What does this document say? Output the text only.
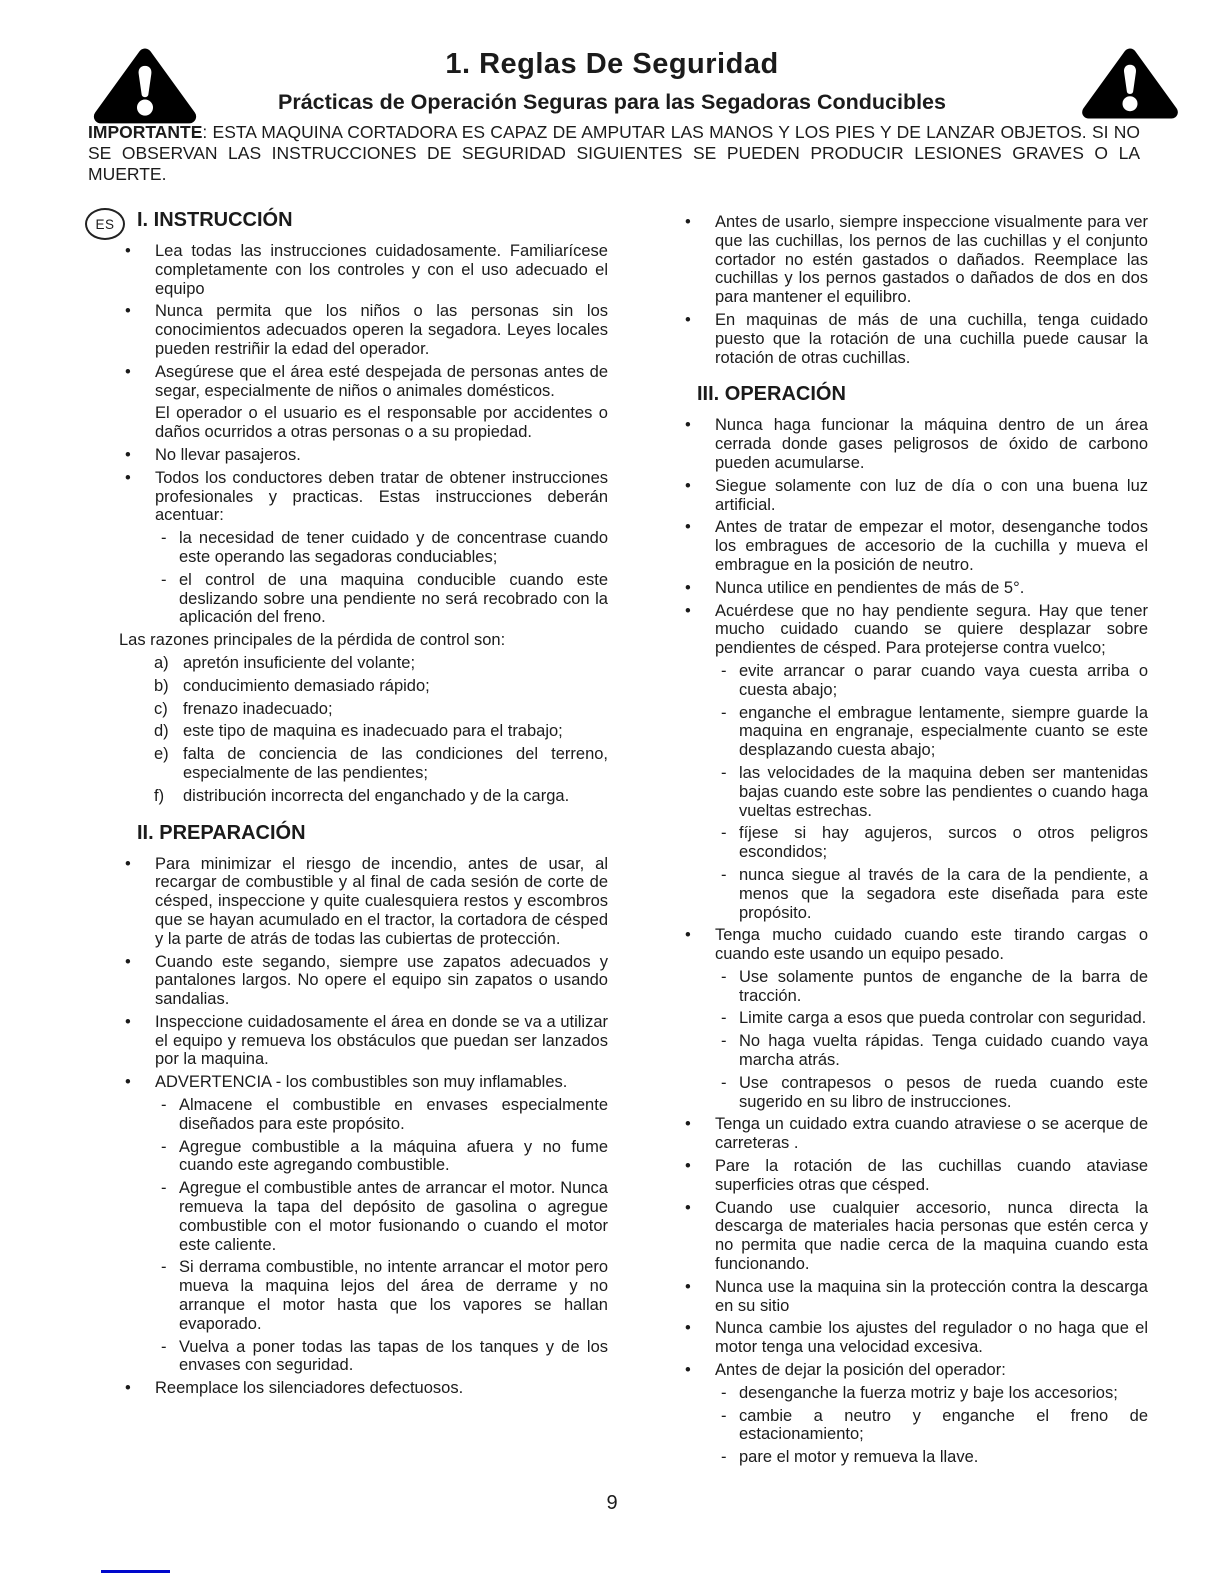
1. Reglas De Seguridad
Prácticas de Operación Seguras para las Segadoras Conducibles
IMPORTANTE: ESTA MAQUINA CORTADORA ES CAPAZ DE AMPUTAR LAS MANOS Y LOS PIES Y DE LANZAR OBJETOS. SI NO SE OBSERVAN LAS INSTRUCCIONES DE SEGURIDAD SIGUIENTES SE PUEDEN PRODUCIR LESIONES GRAVES O LA MUERTE.
ES	I. INSTRUCCIÓN
• Lea todas las instrucciones cuidadosamente. Familiarícese completamente con los controles y con el uso adecuado el equipo
• Nunca permita que los niños o las personas sin los conocimientos adecuados operen la segadora. Leyes locales pueden restriñir la edad del operador.
• Asegúrese que el área esté despejada de personas antes de segar, especialmente de niños o animales domésticos.
El operador o el usuario es el responsable por accidentes o daños ocurridos a otras personas o a su propiedad.
• No llevar pasajeros.
• Todos los conductores deben tratar de obtener instrucciones profesionales y practicas. Estas instrucciones deberán acentuar:
- la necesidad de tener cuidado y de concentrase cuando este operando las segadoras conduciables;
- el control de una maquina conducible cuando este deslizando sobre una pendiente no será recobrado con la aplicación del freno.
Las razones principales de la pérdida de control son:
a) apretón insuficiente del volante;
b) conducimiento demasiado rápido;
c) frenazo inadecuado;
d) este tipo de maquina es inadecuado para el trabajo;
e) falta de conciencia de las condiciones del terreno, especialmente de las pendientes;
f) distribución incorrecta del enganchado y de la carga.
II. PREPARACIÓN
• Para minimizar el riesgo de incendio, antes de usar, al recargar de combustible y al final de cada sesión de corte de césped, inspeccione y quite cualesquiera restos y escombros que se hayan acumulado en el tractor, la cortadora de césped y la parte de atrás de todas las cubiertas de protección.
• Cuando este segando, siempre use zapatos adecuados y pantalones largos. No opere el equipo sin zapatos o usando sandalias.
• Inspeccione cuidadosamente el área en donde se va a utilizar el equipo y remueva los obstáculos que puedan ser lanzados por la maquina.
• ADVERTENCIA - los combustibles son muy inflamables.
- Almacene el combustible en envases especialmente diseñados para este propósito.
- Agregue combustible a la máquina afuera y no fume cuando este agregando combustible.
- Agregue el combustible antes de arrancar el motor. Nunca remueva la tapa del depósito de gasolina o agregue combustible con el motor fusionando o cuando el motor este caliente.
- Si derrama combustible, no intente arrancar el motor pero mueva la maquina lejos del área de derrame y no arranque el motor hasta que los vapores se hallan evaporado.
- Vuelva a poner todas las tapas de los tanques y de los envases con seguridad.
• Reemplace los silenciadores defectuosos.
• Antes de usarlo, siempre inspeccione visualmente para ver que las cuchillas, los pernos de las cuchillas y el conjunto cortador no estén gastados o dañados. Reemplace las cuchillas y los pernos gastados o dañados de dos en dos para mantener el equilibro.
• En maquinas de más de una cuchilla, tenga cuidado puesto que la rotación de una cuchilla puede causar la rotación de otras cuchillas.
III. OPERACIÓN
• Nunca haga funcionar la máquina dentro de un área cerrada donde gases peligrosos de óxido de carbono pueden acumularse.
• Siegue solamente con luz de día o con una buena luz artificial.
• Antes de tratar de empezar el motor, desenganche todos los embragues de accesorio de la cuchilla y mueva el embrague en la posición de neutro.
• Nunca utilice en pendientes de más de 5°.
• Acuérdese que no hay pendiente segura. Hay que tener mucho cuidado cuando se quiere desplazar sobre pendientes de césped. Para protejerse contra vuelco;
- evite arrancar o parar cuando vaya cuesta arriba o cuesta abajo;
- enganche el embrague lentamente, siempre guarde la maquina en engranaje, especialmente cuanto se este desplazando cuesta abajo;
- las velocidades de la maquina deben ser mantenidas bajas cuando este sobre las pendientes o cuando haga vueltas estrechas.
- fíjese si hay agujeros, surcos o otros peligros escondidos;
- nunca siegue al través de la cara de la pendiente, a menos que la segadora este diseñada para este propósito.
• Tenga mucho cuidado cuando este tirando cargas o cuando este usando un equipo pesado.
- Use solamente puntos de enganche de la barra de tracción.
- Limite carga a esos que pueda controlar con seguridad.
- No haga vuelta rápidas. Tenga cuidado cuando vaya marcha atrás.
- Use contrapesos o pesos de rueda cuando este sugerido en su libro de instrucciones.
• Tenga un cuidado extra cuando atraviese o se acerque de carreteras .
• Pare la rotación de las cuchillas cuando ataviase superficies otras que césped.
• Cuando use cualquier accesorio, nunca directa la descarga de materiales hacia personas que estén cerca y no permita que nadie cerca de la maquina cuando esta funcionando.
• Nunca use la maquina sin la protección contra la descarga en su sitio
• Nunca cambie los ajustes del regulador o no haga que el motor tenga una velocidad excesiva.
• Antes de dejar la posición del operador:
- desenganche la fuerza motriz y baje los accesorios;
- cambie a neutro y enganche el freno de estacionamiento;
- pare el motor y remueva la llave.
9
